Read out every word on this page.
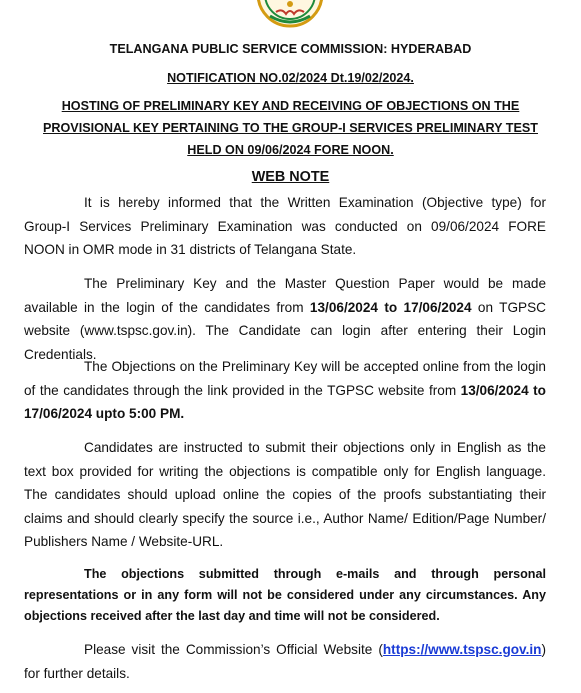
TELANGANA PUBLIC SERVICE COMMISSION: HYDERABAD
NOTIFICATION NO.02/2024 Dt.19/02/2024.
HOSTING OF PRELIMINARY KEY AND RECEIVING OF OBJECTIONS ON THE
PROVISIONAL KEY PERTAINING TO THE GROUP-I SERVICES PRELIMINARY TEST
HELD ON 09/06/2024 FORE NOON.
WEB NOTE
It is hereby informed that the Written Examination (Objective type) for Group-I Services Preliminary Examination was conducted on 09/06/2024 FORE NOON in OMR mode in 31 districts of Telangana State.
The Preliminary Key and the Master Question Paper would be made available in the login of the candidates from 13/06/2024 to 17/06/2024 on TGPSC website (www.tspsc.gov.in). The Candidate can login after entering their Login Credentials.
The Objections on the Preliminary Key will be accepted online from the login of the candidates through the link provided in the TGPSC website from 13/06/2024 to 17/06/2024 upto 5:00 PM.
Candidates are instructed to submit their objections only in English as the text box provided for writing the objections is compatible only for English language. The candidates should upload online the copies of the proofs substantiating their claims and should clearly specify the source i.e., Author Name/ Edition/Page Number/ Publishers Name / Website-URL.
The objections submitted through e-mails and through personal representations or in any form will not be considered under any circumstances. Any objections received after the last day and time will not be considered.
Please visit the Commission’s Official Website (https://www.tspsc.gov.in) for further details.
